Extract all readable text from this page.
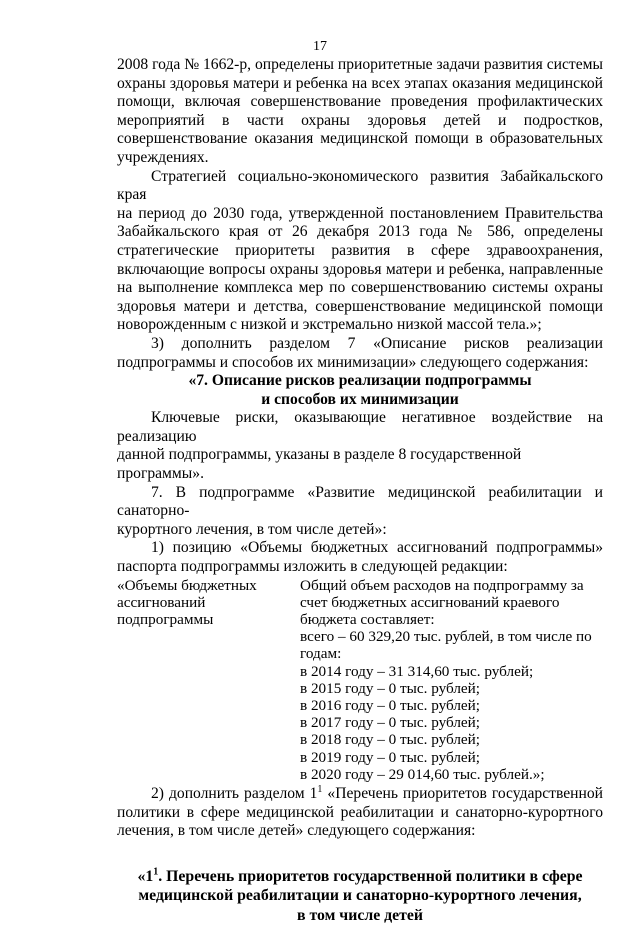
17

2008 года № 1662-р, определены приоритетные задачи развития системы

охраны здоровья матери и ребенка на всех этапах оказания медицинской

помощи, включая совершенствование проведения профилактических

мероприятий в части охраны здоровья детей и подростков,

совершенствование оказания медицинской помощи в образовательных

учреждениях.

Стратегией социально-экономического развития Забайкальского края

на период до 2030 года, утвержденной постановлением Правительства

Забайкальского края от 26 декабря 2013 года № 586, определены

стратегические приоритеты развития в сфере здравоохранения,

включающие вопросы охраны здоровья матери и ребенка, направленные

на выполнение комплекса мер по совершенствованию системы охраны

здоровья матери и детства, совершенствование медицинской помощи

новорожденным с низкой и экстремально низкой массой тела.»;

3) дополнить разделом 7 «Описание рисков реализации

подпрограммы и способов их минимизации» следующего содержания:

«7. Описание рисков реализации подпрограммы

и способов их минимизации

Ключевые риски, оказывающие негативное воздействие на реализацию

данной подпрограммы, указаны в разделе 8 государственной программы».

7. В подпрограмме «Развитие медицинской реабилитации и санаторно-

курортного лечения, в том числе детей»:

1) позицию «Объемы бюджетных ассигнований подпрограммы»

паспорта подпрограммы изложить в следующей редакции:

«Объемы бюджетных
ассигнований
подпрограммы
Общий объем расходов на подпрограмму за
счет бюджетных ассигнований краевого
бюджета составляет:
всего – 60 329,20 тыс. рублей, в том числе по
годам:
в 2014 году – 31 314,60 тыс. рублей;
в 2015 году – 0 тыс. рублей;
в 2016 году – 0 тыс. рублей;
в 2017 году – 0 тыс. рублей;
в 2018 году – 0 тыс. рублей;
в 2019 году – 0 тыс. рублей;
в 2020 году – 29 014,60 тыс. рублей.»;

2) дополнить разделом $1^1$ «Перечень приоритетов государственной

политики в сфере медицинской реабилитации и санаторно-курортного

лечения, в том числе детей» следующего содержания:

«$1^1$. Перечень приоритетов государственной политики в сфере

медицинской реабилитации и санаторно-курортного лечения,

в том числе детей
